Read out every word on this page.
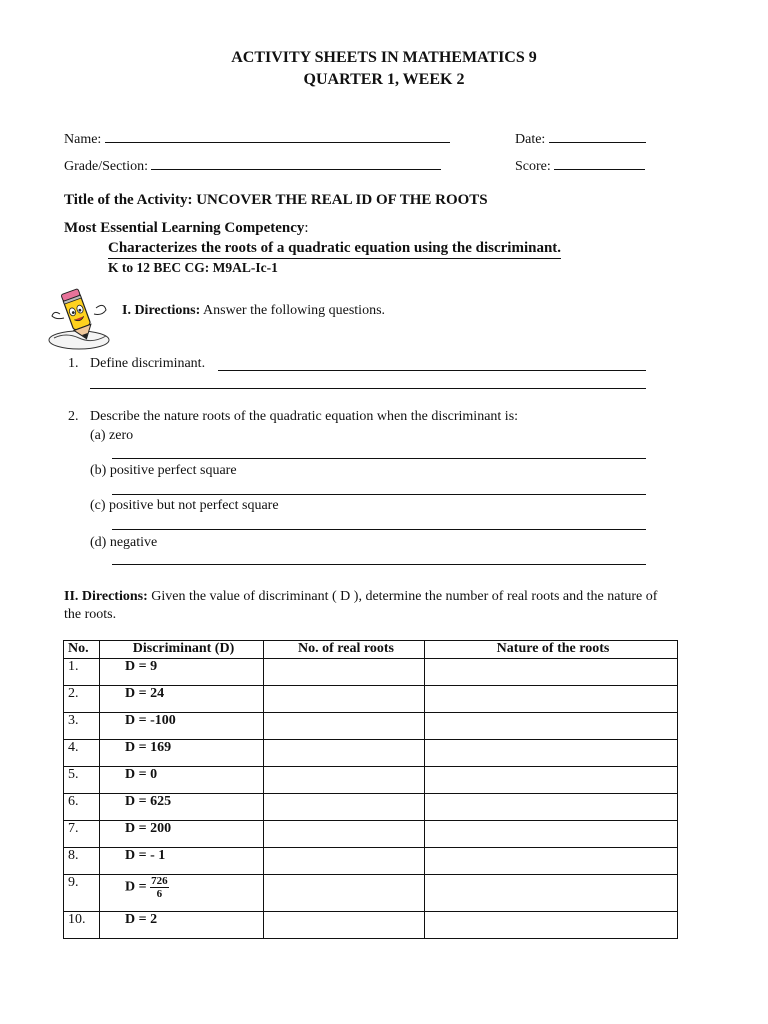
ACTIVITY SHEETS IN MATHEMATICS 9
QUARTER 1, WEEK 2
Name:	Date:
Grade/Section:	Score:
Title of the Activity: UNCOVER THE REAL ID OF THE ROOTS
Most Essential Learning Competency:
Characterizes the roots of a quadratic equation using the discriminant.
K to 12 BEC CG: M9AL-Ic-1
I. Directions: Answer the following questions.
1. Define discriminant.
2. Describe the nature roots of the quadratic equation when the discriminant is:
(a) zero
(b) positive perfect square
(c) positive but not perfect square
(d) negative
II. Directions: Given the value of discriminant ( D ), determine the number of real roots and the nature of the roots.
No.	Discriminant (D)	No. of real roots	Nature of the roots
1.	D = 9		
2.	D = 24		
3.	D = -100		
4.	D = 169		
5.	D = 0		
6.	D = 625		
7.	D = 200		
8.	D = - 1		
9.	$D = \frac{726}{6}$

10.	D = 2		
